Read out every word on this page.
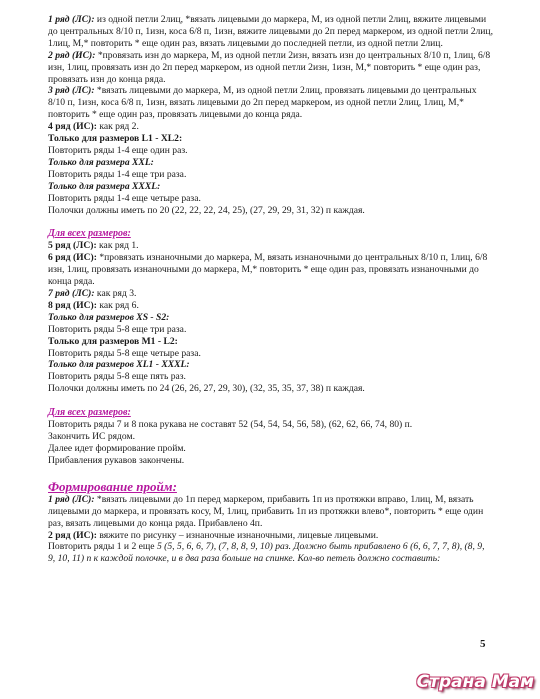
1 ряд (ЛС): из одной петли 2лиц, *вязать лицевыми до маркера, М, из одной петли 2лиц, вяжите лицевыми до центральных 8/10 п, 1изн, коса 6/8 п, 1изн, вяжите лицевыми до 2п перед маркером, из одной петли 2лиц, 1лиц, М,* повторить * еще один раз, вязать лицевыми до последней петли, из одной петли 2лиц.

2 ряд (ИС): *провязать изн до маркера, М, из одной петли 2изн, вязать изн до центральных 8/10 п, 1лиц, 6/8 изн, 1лиц, провязать изн до 2п перед маркером, из одной петли 2изн, 1изн, М,* повторить * еще один раз, провязать изн до конца ряда.

3 ряд (ЛС): *вязать лицевыми до маркера, М, из одной петли 2лиц, провязать лицевыми до центральных 8/10 п, 1изн, коса 6/8 п, 1изн, вязать лицевыми до 2п перед маркером, из одной петли 2лиц, 1лиц, М,* повторить * еще один раз, провязать лицевыми до конца ряда.

4 ряд (ИС): как ряд 2.

Только для размеров L1 - XL2:

Повторить ряды 1-4 еще один раз.

Только для размера XXL:

Повторить ряды 1-4 еще три раза.

Только для размера XXXL:

Повторить ряды 1-4 еще четыре раза.

Полочки должны иметь по 20 (22, 22, 22, 24, 25), (27, 29, 29, 31, 32) п каждая.

Для всех размеров:

5 ряд (ЛС): как ряд 1.

6 ряд (ИС): *провязать изнаночными до маркера, М, вязать изнаночными до центральных 8/10 п, 1лиц, 6/8 изн, 1лиц, провязать изнаночными до маркера, М,* повторить * еще один раз, провязать изнаночными до конца ряда.

7 ряд (ЛС): как ряд 3.

8 ряд (ИС): как ряд 6.

Только для размеров XS - S2:

Повторить ряды 5-8 еще три раза.

Только для размеров M1 - L2:

Повторить ряды 5-8 еще четыре раза.

Только для размеров XL1 - XXXL:

Повторить ряды 5-8 еще пять раз.

Полочки должны иметь по 24 (26, 26, 27, 29, 30), (32, 35, 35, 37, 38) п каждая.

Для всех размеров:

Повторить ряды 7 и 8 пока рукава не составят 52 (54, 54, 54, 56, 58), (62, 62, 66, 74, 80) п.

Закончить ИС рядом.

Далее идет формирование пройм.

Прибавления рукавов закончены.

Формирование пройм:

1 ряд (ЛС): *вязать лицевыми до 1п перед маркером, прибавить 1п из протяжки вправо, 1лиц, М, вязать лицевыми до маркера, и провязать косу, М, 1лиц, прибавить 1п из протяжки влево*, повторить * еще один раз, вязать лицевыми до конца ряда. Прибавлено 4п.

2 ряд (ИС): вяжите по рисунку – изнаночные изнаночными, лицевые лицевыми.

Повторить ряды 1 и 2 еще 5 (5, 5, 6, 6, 7), (7, 8, 8, 9, 10) раз. Должно быть прибавлено 6 (6, 6, 7, 7, 8), (8, 9, 9, 10, 11) п к каждой полочке, и в два раза больше на спинке. Кол-во петель должно составить:

5
Страна Мам
